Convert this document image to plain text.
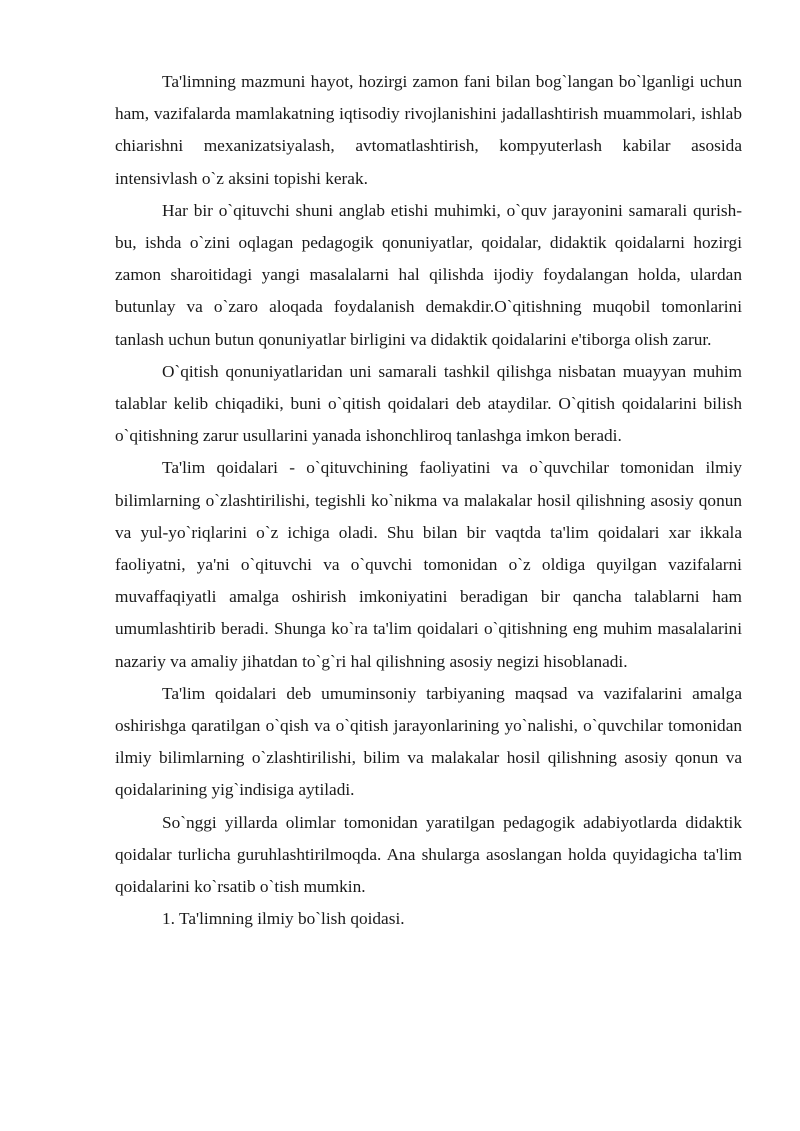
Ta'limning mazmuni hayot, hozirgi zamon fani bilan bog`langan bo`lganligi uchun ham, vazifalarda mamlakatning iqtisodiy rivojlanishini jadallashtirish muammolari, ishlab chiarishni mexanizatsiyalash, avtomatlashtirish, kompyuterlash kabilar asosida intensivlash o`z aksini topishi kerak.

Har bir o`qituvchi shuni anglab etishi muhimki, o`quv jarayonini samarali qurish-bu, ishda o`zini oqlagan pedagogik qonuniyatlar, qoidalar, didaktik qoidalarni hozirgi zamon sharoitidagi yangi masalalarni hal qilishda ijodiy foydalangan holda, ulardan butunlay va o`zaro aloqada foydalanish demakdir.O`qitishning muqobil tomonlarini tanlash uchun butun qonuniyatlar birligini va didaktik qoidalarini e'tiborga olish zarur.

O`qitish qonuniyatlaridan uni samarali tashkil qilishga nisbatan muayyan muhim talablar kelib chiqadiki, buni o`qitish qoidalari deb ataydilar. O`qitish qoidalarini bilish o`qitishning zarur usullarini yanada ishonchliroq tanlashga imkon beradi.

Ta'lim qoidalari - o`qituvchining faoliyatini va o`quvchilar tomonidan ilmiy bilimlarning o`zlashtirilishi, tegishli ko`nikma va malakalar hosil qilishning asosiy qonun va yul-yo`riqlarini o`z ichiga oladi. Shu bilan bir vaqtda ta'lim qoidalari xar ikkala faoliyatni, ya'ni o`qituvchi va o`quvchi tomonidan o`z oldiga quyilgan vazifalarni muvaffaqiyatli amalga oshirish imkoniyatini beradigan bir qancha talablarni ham umumlashtirib beradi. Shunga ko`ra ta'lim qoidalari o`qitishning eng muhim masalalarini nazariy va amaliy jihatdan to`g`ri hal qilishning asosiy negizi hisoblanadi.

Ta'lim qoidalari deb umuminsoniy tarbiyaning maqsad va vazifalarini amalga oshirishga qaratilgan o`qish va o`qitish jarayonlarining yo`nalishi, o`quvchilar tomonidan ilmiy bilimlarning o`zlashtirilishi, bilim va malakalar hosil qilishning asosiy qonun va qoidalarining yig`indisiga aytiladi.

So`nggi yillarda olimlar tomonidan yaratilgan pedagogik adabiyotlarda didaktik qoidalar turlicha guruhlashtirilmoqda. Ana shularga asoslangan holda quyidagicha ta'lim qoidalarini ko`rsatib o`tish mumkin.

1. Ta'limning ilmiy bo`lish qoidasi.
